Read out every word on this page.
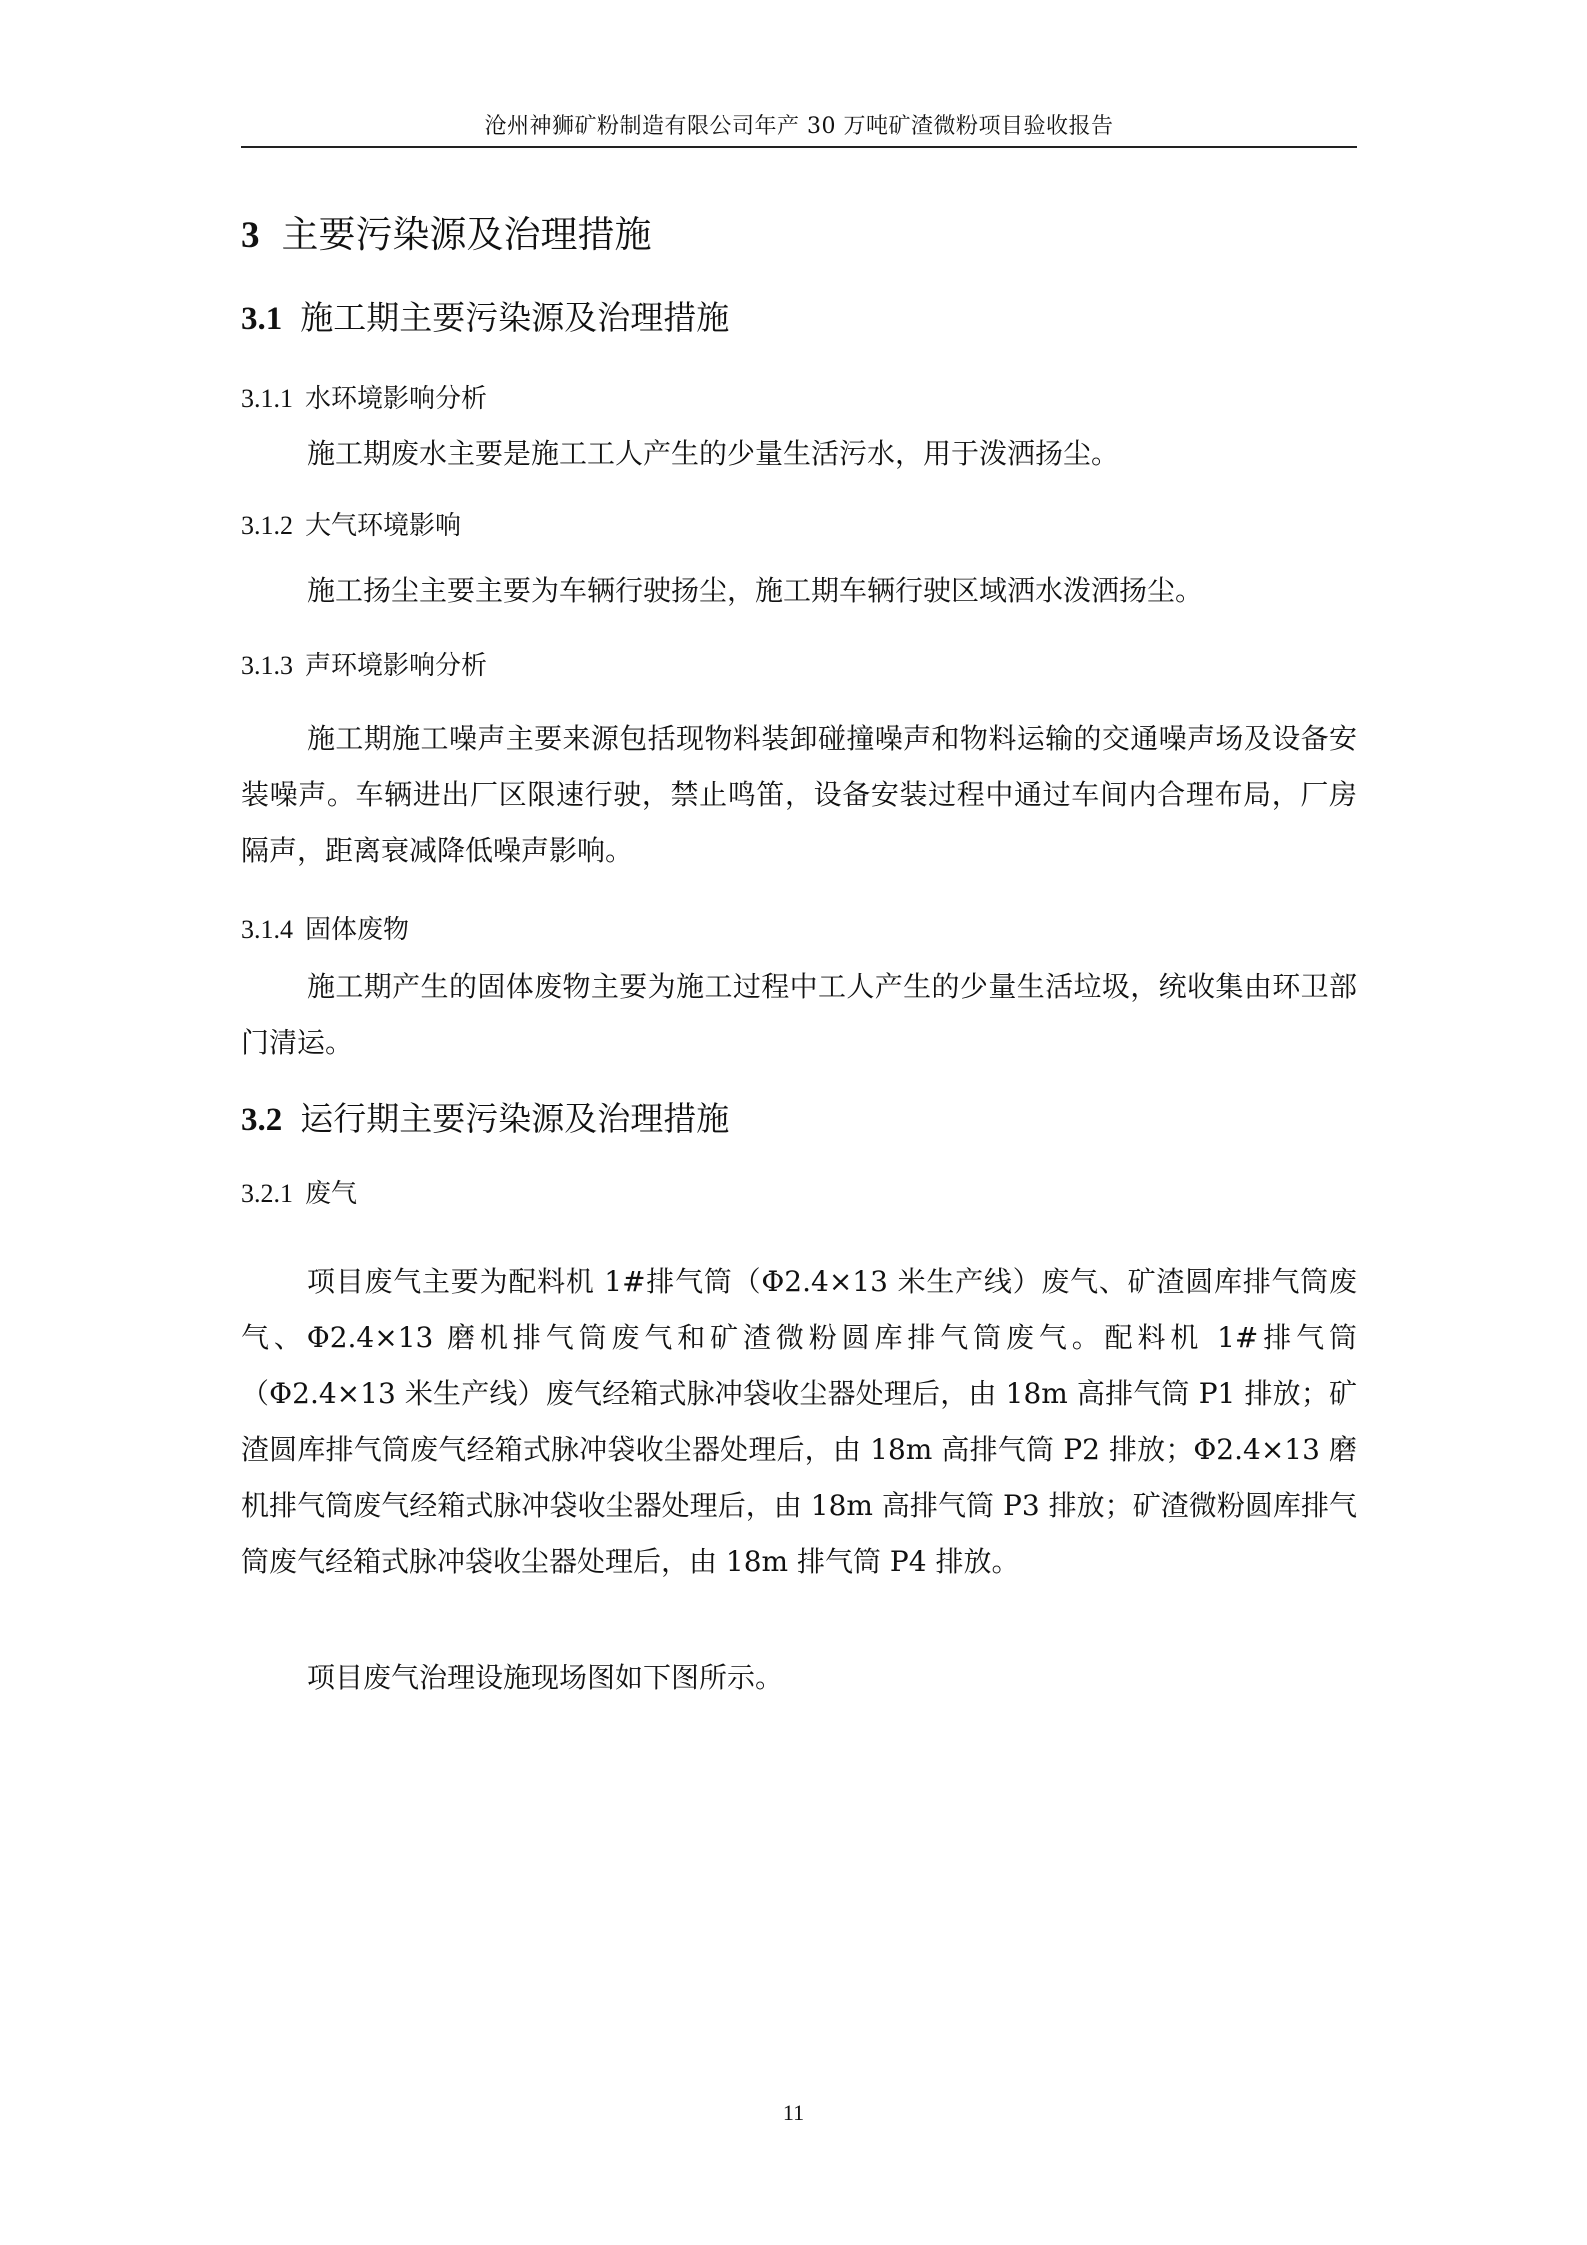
沧州神狮矿粉制造有限公司年产 30 万吨矿渣微粉项目验收报告
3 主要污染源及治理措施
3.1 施工期主要污染源及治理措施
3.1.1 水环境影响分析

施工期废水主要是施工工人产生的少量生活污水，用于泼洒扬尘。

3.1.2 大气环境影响

施工扬尘主要主要为车辆行驶扬尘，施工期车辆行驶区域洒水泼洒扬尘。

3.1.3 声环境影响分析

施工期施工噪声主要来源包括现物料装卸碰撞噪声和物料运输的交通噪声场及设备安装噪声。车辆进出厂区限速行驶，禁止鸣笛，设备安装过程中通过车间内合理布局，厂房隔声，距离衰减降低噪声影响。

3.1.4 固体废物

施工期产生的固体废物主要为施工过程中工人产生的少量生活垃圾，统收集由环卫部门清运。

3.2 运行期主要污染源及治理措施
3.2.1 废气

项目废气主要为配料机 1#排气筒（Φ2.4×13 米生产线）废气、矿渣圆库排气筒废气、Φ2.4×13 磨机排气筒废气和矿渣微粉圆库排气筒废气。配料机 1#排气筒（Φ2.4×13 米生产线）废气经箱式脉冲袋收尘器处理后，由 18m 高排气筒 P1 排放；矿渣圆库排气筒废气经箱式脉冲袋收尘器处理后，由 18m 高排气筒 P2 排放；Φ2.4×13 磨机排气筒废气经箱式脉冲袋收尘器处理后，由 18m 高排气筒 P3 排放；矿渣微粉圆库排气筒废气经箱式脉冲袋收尘器处理后，由 18m 排气筒 P4 排放。

项目废气治理设施现场图如下图所示。

11
